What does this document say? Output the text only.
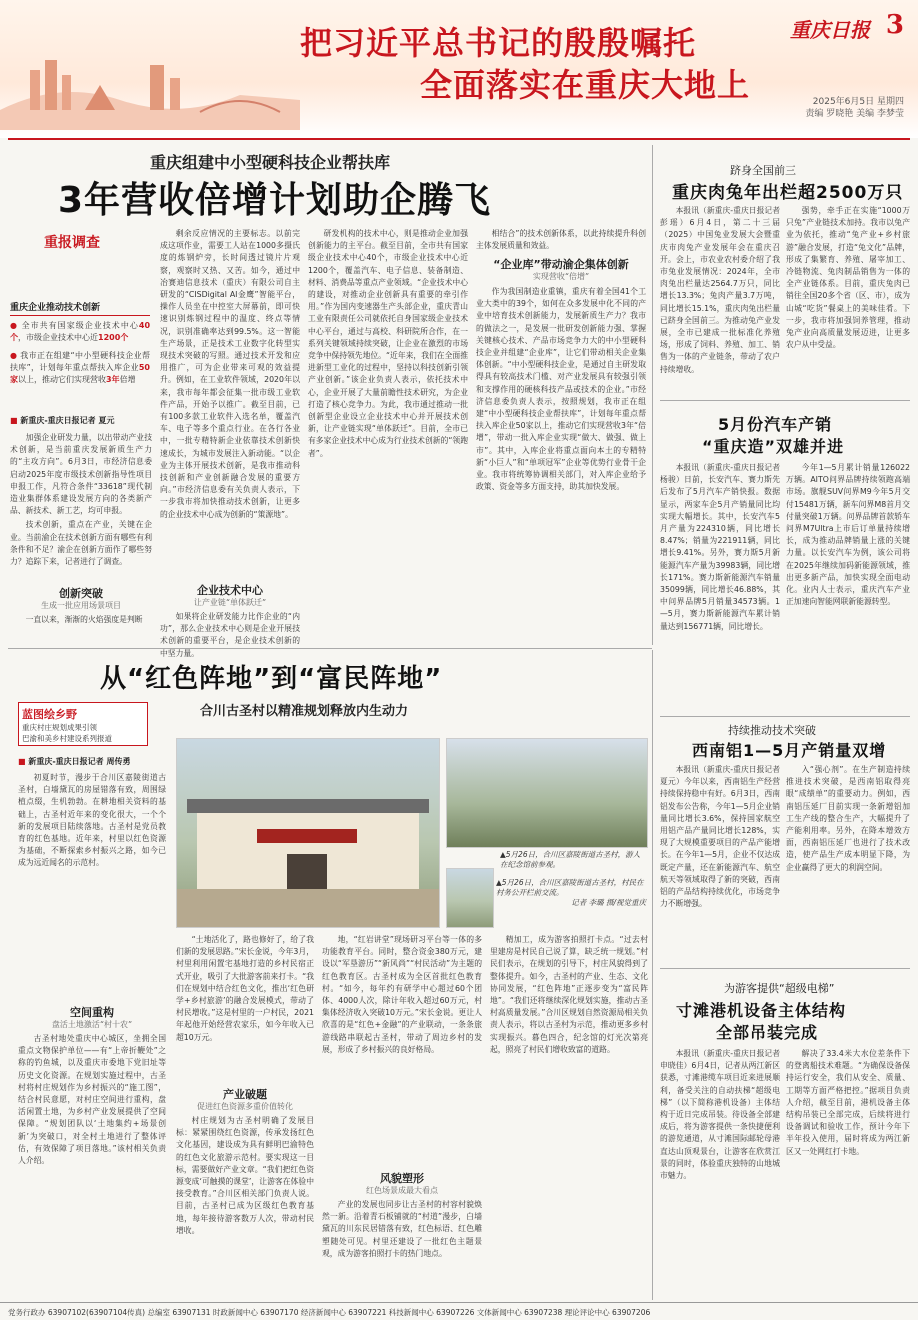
把习近平总书记的殷殷嘱托
全面落实在重庆大地上
重庆日报 3
2025年6月5日 星期四
责编 罗晓艳 美编 李梦莹
重庆组建中小型硬科技企业帮扶库
3年营收倍增计划助企腾飞
重报调查
重庆企业推动技术创新
● 全市共有国家级企业技术中心40个，市级企业技术中心近1200个
● 我市正在组建“中小型硬科技企业帮扶库”，计划每年重点帮扶入库企业50家以上，推动它们实现营收3年倍增
■ 新重庆-重庆日报记者 夏元

加强企业研发力量，以出带动产业技术创新，是当前重庆发展新质生产力的“主攻方向”。6月3日，市经济信息委启动2025年度市级技术创新指导性项目申报工作，凡符合条件“33618”现代制造业集群体系建设发展方向的各类新产品、新技术、新工艺，均可申报。

技术创新，重点在产业，关键在企业。当前渝企在技术创新方面有哪些有利条件和不足？渝企在创新方面作了哪些努力？追踪下来，记者进行了调查。

创新突破
生成一批应用场景项目

一直以来，渐渐的火焰强度是判断

剩余反应情况的主要标志。以前完成这项作业，需要工人站在1000多摄氏度的炼钢炉旁，长时间透过镜片片观察，观察时又热、又苦。如今，通过中冶赛迪信息技术（重庆）有限公司自主研发的“CISDigital AI金鹰”智能平台，操作人员坐在中控室大屏幕前，即可快速识别炼钢过程中的温度、终点等情况，识别准确率达到99.5%。这一智能生产场景，正是技术工业数字化转型实现技术突破的写照。通过技术开发和应用推广，可为企业带来可观的效益提升。例如，在工业软件领域，2020年以来，我市每年都会征集一批市级工业软件产品，开始予以推广。截至目前，已有100多款工业软件入选名单，覆盖汽车、电子等多个重点行业。在各行各业中，一批专精特新企业依靠技术创新快速成长，为城市发展注入新动能。“以企业为主体开展技术创新，是我市推动科技创新和产业创新融合发展的重要方向。”市经济信息委有关负责人表示，下一步我市将加快推动技术创新，让更多的企业技术中心成为创新的“策源地”。

企业技术中心
让产业链“单体跃迁”

如果将企业研发能力比作企业的“内功”，那么企业技术中心则是企业开展技术创新的重要平台，是企业技术创新的中坚力量。

研发机构的技术中心，则是推动企业加强创新能力的主平台。截至目前，全市共有国家级企业技术中心40个，市级企业技术中心近1200个，覆盖汽车、电子信息、装备制造、材料、消费品等重点产业领域。“企业技术中心的建设，对推动企业创新具有重要的牵引作用。”作为国内变速器生产头部企业，重庆青山工业有限责任公司就依托自身国家级企业技术中心平台，通过与高校、科研院所合作，在一系列关键领域持续突破，让企业在激烈的市场竞争中保持领先地位。“近年来，我们在全面推进新型工业化的过程中，坚持以科技创新引领产业创新。”该企业负责人表示，依托技术中心，企业开展了大量前瞻性技术研究，为企业打造了核心竞争力。为此，我市通过推动一批创新型企业设立企业技术中心并开展技术创新，让产业链实现“单体跃迁”。目前，全市已有多家企业技术中心成为行业技术创新的“领跑者”。

相结合”的技术创新体系，以此持续提升科创主体发展质量和效益。

“企业库”带动渝企集体创新
实现营收“倍增”

作为我国制造业重镇，重庆有着全国41个工业大类中的39个，如何在众多发展中化不同的产业中培育技术创新能力，发展新质生产力？我市的做法之一，是发展一批研发创新能力强、掌握关键核心技术、产品市场竞争力大的中小型硬科技企业并组建“企业库”，让它们带动相关企业集体创新。“中小型硬科技企业，是通过自主研发取得具有较高技术门槛、对产业发展具有较强引领和支撑作用的硬核科技产品或技术的企业。”市经济信息委负责人表示，按照规划，我市正在组建“中小型硬科技企业帮扶库”，计划每年重点帮扶入库企业50家以上，推动它们实现营收3年“倍增”，带动一批入库企业实现“做大、做强、做上市”。其中，入库企业将重点面向本土的专精特新“小巨人”和“单项冠军”企业等优势行业骨干企业。我市将统筹协调相关部门，对入库企业给予政策、资金等多方面支持，助其加快发展。

跻身全国前三
重庆肉兔年出栏超2500万只

本报讯（新重庆-重庆日报记者 彭瑶）6月4日，第二十三届（2025）中国兔业发展大会暨重庆市肉兔产业发展年会在重庆召开。会上，市农业农村委介绍了我市兔业发展情况：2024年，全市肉兔出栏量达2564.7万只，同比增长13.3%；兔肉产量3.7万吨，同比增长15.1%，重庆肉兔出栏量已跻身全国前三。为推动兔产业发展，全市已建成一批标准化养殖场，形成了饲料、养殖、加工、销售为一体的产业链条，带动了农户持续增收。

强势，牵手正在实施“1000万只兔”产业链技术加持。我市以兔产业为依托，推动“兔产业+乡村旅游”融合发展，打造“兔文化”品牌，形成了集繁育、养殖、屠宰加工、冷链物流、兔肉制品销售为一体的全产业链体系。目前，重庆兔肉已销往全国20多个省（区、市），成为山城“吃货”餐桌上的美味佳肴。下一步，我市将加强饲养管理，推动兔产业向高质量发展迈进，让更多农户从中受益。

5月份汽车产销
“重庆造”双雄并进

本报讯（新重庆-重庆日报记者 杨骏）日前，长安汽车、赛力斯先后发布了5月汽车产销快报。数据显示，两家车企5月产销量同比均实现大幅增长。其中，长安汽车5月产量为224310辆，同比增长8.47%；销量为221911辆，同比增长9.41%。另外，赛力斯5月新能源汽车产量为39983辆，同比增长171%。赛力斯新能源汽车销量35099辆，同比增长46.88%，其中问界品牌5月销量34573辆。1—5月，赛力斯新能源汽车累计销量达到156771辆，同比增长。

今年1—5月累计销量126022万辆。AITO问界品牌持续领跑高端市场。旗舰SUV问界M9今年5月交付15481万辆，新车问界M8首月交付量突破1万辆。问界品牌首款轿车问界M7Ultra上市后订单量持续增长，成为推动品牌销量上涨的关键力量。以长安汽车为例，该公司将在2025年继续加码新能源领域，推出更多新产品，加快实现全面电动化。业内人士表示，重庆汽车产业正加速向智能网联新能源转型。

持续推动技术突破
西南铝1—5月产销量双增

本报讯（新重庆-重庆日报记者 夏元）今年以来，西南铝生产经营持续保持稳中有好。6月3日，西南铝发布公告称，今年1—5月企业销量同比增长3.6%，保持国家航空用铝产品产量同比增长128%，实现了大规模重要项目的产品产能增长。在今年1—5月，企业不仅达成既定产量，还在新能源汽车、航空航天等领域取得了新的突破，西南铝的产品结构持续优化，市场竞争力不断增强。

入“强心剂”。在生产制造持续推进技术突破，是西南铝取得亮眼“成绩单”的重要动力。例如，西南铝压延厂目前实现一条新增铝加工生产线的整合生产，大幅提升了产能利用率。另外，在降本增效方面，西南铝压延厂也进行了技术改造，使产品生产成本明显下降，为企业赢得了更大的利润空间。

为游客提供“超级电梯”
寸滩港机设备主体结构
全部吊装完成

本报讯（新重庆-重庆日报记者 申晓佳）6月4日，记者从两江新区获悉，寸滩港缆车项目近来进展顺利，备受关注的自动扶梯“超级电梯”（以下简称港机设备）主体结构于近日完成吊装。待设备全部建成后，将为游客提供一条快捷便利的游览通道，从寸滩国际邮轮母港直达山顶观景台，让游客在欣赏江景的同时，体验重庆独特的山地城市魅力。

解决了33.4米大水位差条件下的登离船技术难题。“为确保设备保持运行安全，我们从安全、质量、工期等方面严格把控。”据项目负责人介绍，截至目前，港机设备主体结构吊装已全部完成，后续将进行设备调试和验收工作，预计今年下半年投入使用，届时将成为两江新区又一处网红打卡地。

从“红色阵地”到“富民阵地”
合川古圣村以精准规划释放内生动力
蓝图绘乡野
重庆村庄规划成果引领
巴渝和美乡村建设系列报道
■ 新重庆-重庆日报记者 周传勇

初夏时节，漫步于合川区嘉陵街道古圣村，白墙黛瓦的房屋错落有致，周围绿植点缀，生机勃勃。在耕地相关资料的基础上，古圣村近年来的变化很大，一个个新的发展项目陆续落地。古圣村是党员教育的红色基地。近年来，村里以红色资源为基础，不断探索乡村振兴之路，如今已成为远近闻名的示范村。

空间重构
盘活土地激活“村十农”

古圣村地处重庆中心城区，坐拥全国重点文物保护单位——有“上帝折鞭处”之称的钓鱼城，以及重庆市委地下党旧址等历史文化资源。在规划实施过程中，古圣村将村庄规划作为乡村振兴的“施工图”，结合村民意愿，对村庄空间进行重构，盘活闲置土地，为乡村产业发展提供了空间保障。“规划团队以‘土地集约+场景创新’为突破口，对全村土地进行了整体评估，有效保障了项目落地。”该村相关负责人介绍。

▲5月26日，合川区嘉陵街道古圣村，游人在纪念馆前参观。
▲5月26日，合川区嘉陵街道古圣村，村民在村务公开栏前交流。
记者 李璐 摄/视觉重庆

“土地活化了，路也修好了，给了我们新的发展思路。”宋长金说，今年3月，村里利用闲置宅基地打造的乡村民宿正式开业，吸引了大批游客前来打卡。“我们在规划中结合红色文化，推出‘红色研学+乡村旅游’的融合发展模式，带动了村民增收。”这是村里的一户村民，2021年起他开始经营农家乐，如今年收入已超10万元。

产业破题
促进红色资源多重价值转化

村庄规划为古圣村明确了发展目标：紧紧围绕红色资源，传承发扬红色文化基因，建设成为具有鲜明巴渝特色的红色文化旅游示范村。要实现这一目标，需要做好产业文章。“我们把红色资源变成‘可触摸的课堂’，让游客在体验中接受教育。”合川区相关部门负责人说。目前，古圣村已成为区级红色教育基地，每年接待游客数万人次，带动村民增收。

地，“红岩讲堂”现场研习平台等一体的多功能教育平台。同时，整合资金380万元，建设以“军垦游历”“新风尚”“村民活动”为主题的红色教育区。古圣村成为全区首批红色教育村。“如今，每年约有研学中心超过60个团体、4000人次，除计年收入超过60万元，村集体经济收入突破10万元。”宋长金说。更让人欣喜的是“红色+金融”的产业联动，一条条旅游线路串联起古圣村，带动了周边乡村的发展，形成了乡村振兴的良好格局。

风貌塑形
红色场景成最大看点

产业的发展也同步让古圣村的村容村貌焕然一新。沿着青石板铺就的“村道”漫步，白墙黛瓦的川东民居错落有致，红色标语、红色雕塑随处可见。村里还建设了一批红色主题景观，成为游客拍照打卡的热门地点。

精加工，成为游客拍照打卡点。“过去村里建房是村民自己说了算，缺乏统一规划。”村民们表示，在规划的引导下，村庄风貌得到了整体提升。如今，古圣村的产业、生态、文化协同发展，“红色阵地”正逐步变为“富民阵地”。“我们还将继续深化规划实施，推动古圣村高质量发展。”合川区规划自然资源局相关负责人表示，将以古圣村为示范，推动更多乡村实现振兴。暮色四合，纪念馆的灯光次第亮起，照亮了村民们增收致富的道路。

党务行政办 63907102(63907104传真) 总编室 63907131 时政新闻中心 63907170 经济新闻中心 63907221 科技新闻中心 63907226 文体新闻中心 63907238 理论评论中心 63907206
